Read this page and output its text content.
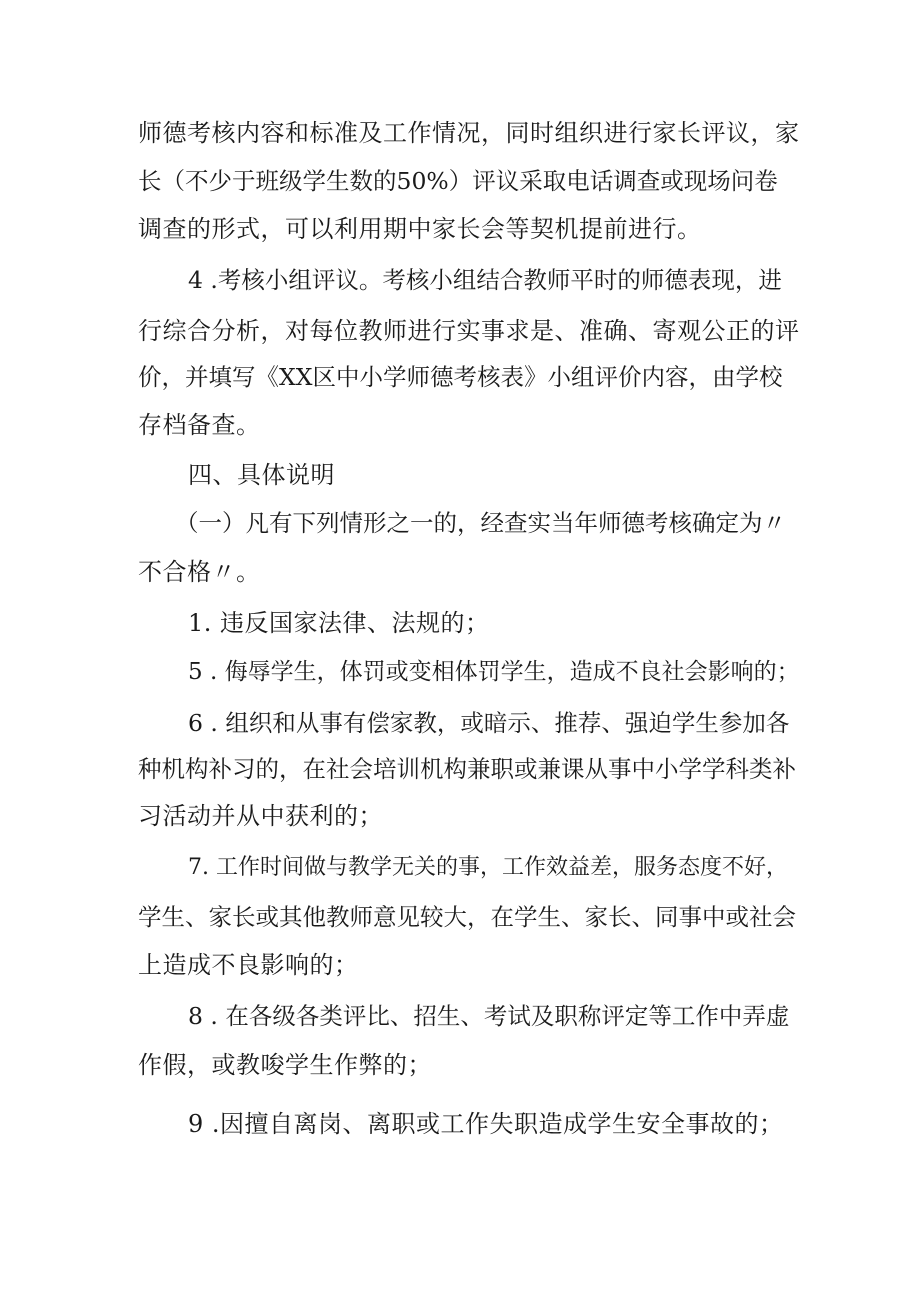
师德考核内容和标准及工作情况，同时组织进行家长评议，家
长（不少于班级学生数的50%）评议采取电话调查或现场问卷
调查的形式，可以利用期中家长会等契机提前进行。
4 .考核小组评议。考核小组结合教师平时的师德表现，进
行综合分析，对每位教师进行实事求是、准确、寄观公正的评
价，并填写《XX区中小学师德考核表》小组评价内容，由学校
存档备查。
四、具体说明
（一）凡有下列情形之一的，经查实当年师德考核确定为〃
不合格〃。
1. 违反国家法律、法规的；
5 . 侮辱学生，体罚或变相体罚学生，造成不良社会影响的；
6 . 组织和从事有偿家教，或暗示、推荐、强迫学生参加各
种机构补习的，在社会培训机构兼职或兼课从事中小学学科类补
习活动并从中获利的；
7. 工作时间做与教学无关的事，工作效益差，服务态度不好，
学生、家长或其他教师意见较大，在学生、家长、同事中或社会
上造成不良影响的；
8 . 在各级各类评比、招生、考试及职称评定等工作中弄虚
作假，或教唆学生作弊的；
9 .因擅自离岗、离职或工作失职造成学生安全事故的；
